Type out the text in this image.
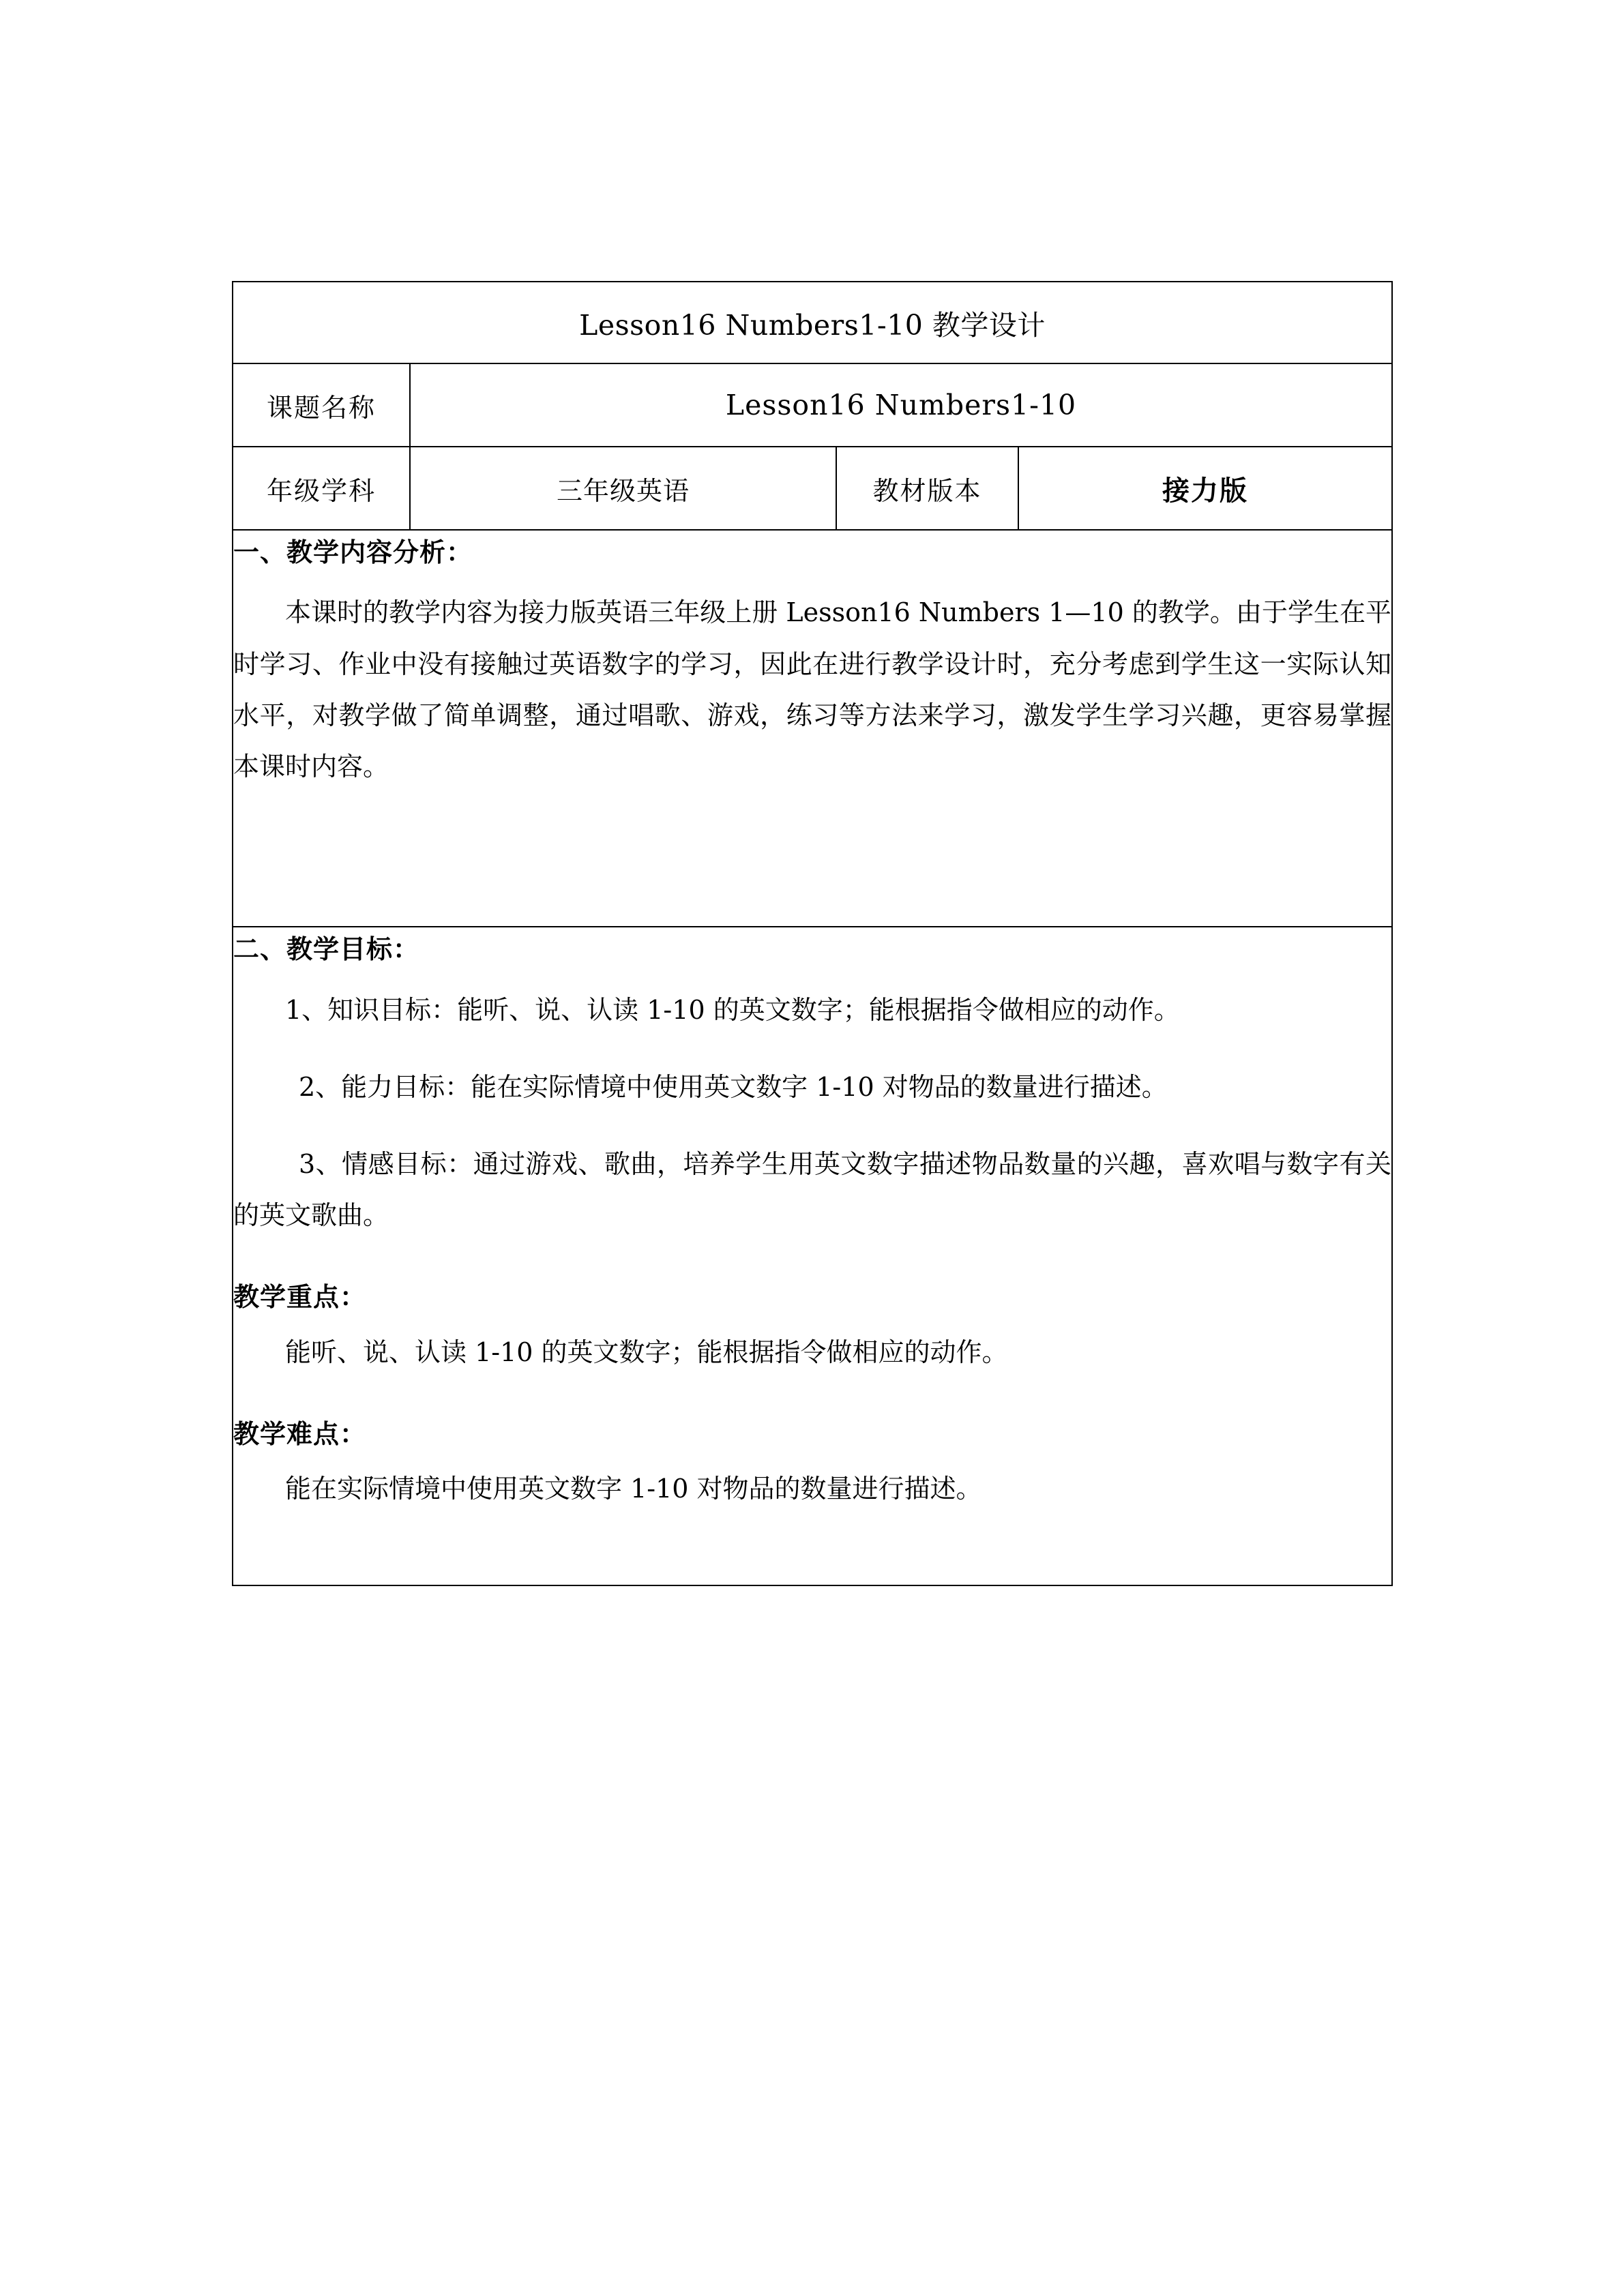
Lesson16 Numbers1-10 教学设计			
课题名称	Lesson16 Numbers1-10		
年级学科	三年级英语	教材版本	接力版

一、教学内容分析：

本课时的教学内容为接力版英语三年级上册 Lesson16 Numbers 1—10 的教学。由于学生在平时学习、作业中没有接触过英语数字的学习，因此在进行教学设计时，充分考虑到学生这一实际认知水平，对教学做了简单调整，通过唱歌、游戏，练习等方法来学习，激发学生学习兴趣，更容易掌握本课时内容。			

二、教学目标：

1、知识目标：能听、说、认读 1-10 的英文数字；能根据指令做相应的动作。

2、能力目标：能在实际情境中使用英文数字 1-10 对物品的数量进行描述。

3、情感目标：通过游戏、歌曲，培养学生用英文数字描述物品数量的兴趣，喜欢唱与数字有关的英文歌曲。

教学重点：

能听、说、认读 1-10 的英文数字；能根据指令做相应的动作。

教学难点：

能在实际情境中使用英文数字 1-10 对物品的数量进行描述。
